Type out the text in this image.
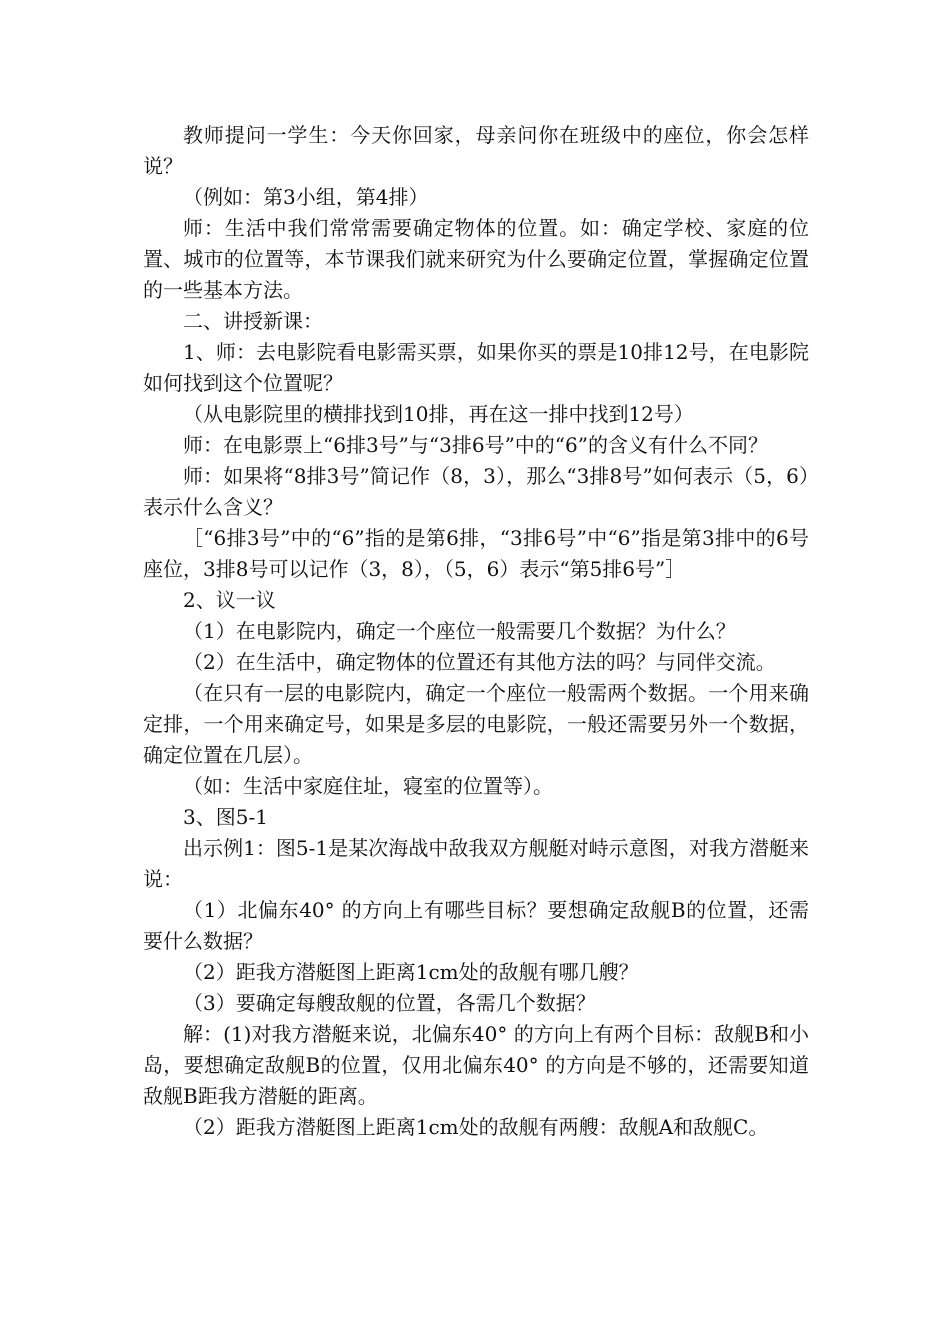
教师提问一学生：今天你回家，母亲问你在班级中的座位，你会怎样说？

（例如：第3小组，第4排）

师：生活中我们常常需要确定物体的位置。如：确定学校、家庭的位置、城市的位置等，本节课我们就来研究为什么要确定位置，掌握确定位置的一些基本方法。

二、讲授新课：

1、师：去电影院看电影需买票，如果你买的票是10排12号，在电影院如何找到这个位置呢？

（从电影院里的横排找到10排，再在这一排中找到12号）

师：在电影票上“6排3号”与“3排6号”中的“6”的含义有什么不同？

师：如果将“8排3号”简记作（8，3），那么“3排8号”如何表示（5，6）表示什么含义？

［“6排3号”中的“6”指的是第6排，“3排6号”中“6”指是第3排中的6号座位，3排8号可以记作（3，8），（5，6）表示“第5排6号”］

2、议一议

（1）在电影院内，确定一个座位一般需要几个数据？为什么？

（2）在生活中，确定物体的位置还有其他方法的吗？与同伴交流。

（在只有一层的电影院内，确定一个座位一般需两个数据。一个用来确定排，一个用来确定号，如果是多层的电影院，一般还需要另外一个数据，确定位置在几层）。

（如：生活中家庭住址，寝室的位置等）。

3、图5-1

出示例1：图5-1是某次海战中敌我双方舰艇对峙示意图，对我方潜艇来说：

（1）北偏东40° 的方向上有哪些目标？要想确定敌舰B的位置，还需要什么数据？

（2）距我方潜艇图上距离1cm处的敌舰有哪几艘？

（3）要确定每艘敌舰的位置，各需几个数据？

解：(1)对我方潜艇来说，北偏东40° 的方向上有两个目标：敌舰B和小岛，要想确定敌舰B的位置，仅用北偏东40° 的方向是不够的，还需要知道敌舰B距我方潜艇的距离。

（2）距我方潜艇图上距离1cm处的敌舰有两艘：敌舰A和敌舰C。
